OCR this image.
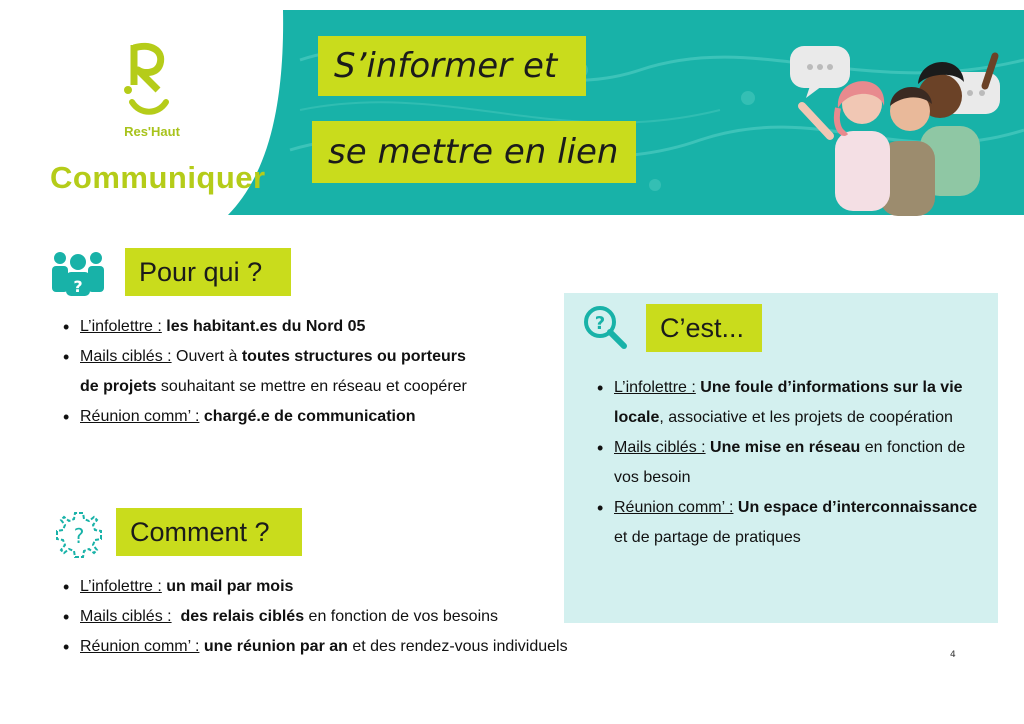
Res'Haut
Communiquer
S’informer et
se mettre en lien
?	Pour qui ?
• L’infolettre : les habitant.es du Nord 05
• Mails ciblés : Ouvert à toutes structures ou porteurs de projets souhaitant se mettre en réseau et coopérer
• Réunion comm’ : chargé.e de communication
?	Comment ?
• L’infolettre : un mail par mois
• Mails ciblés : des relais ciblés en fonction de vos besoins
• Réunion comm’ : une réunion par an et des rendez-vous individuels
?	C’est...
• L’infolettre : Une foule d’informations sur la vie locale, associative et les projets de coopération
• Mails ciblés : Une mise en réseau en fonction de vos besoin
• Réunion comm’ : Un espace d’interconnaissance et de partage de pratiques
4
